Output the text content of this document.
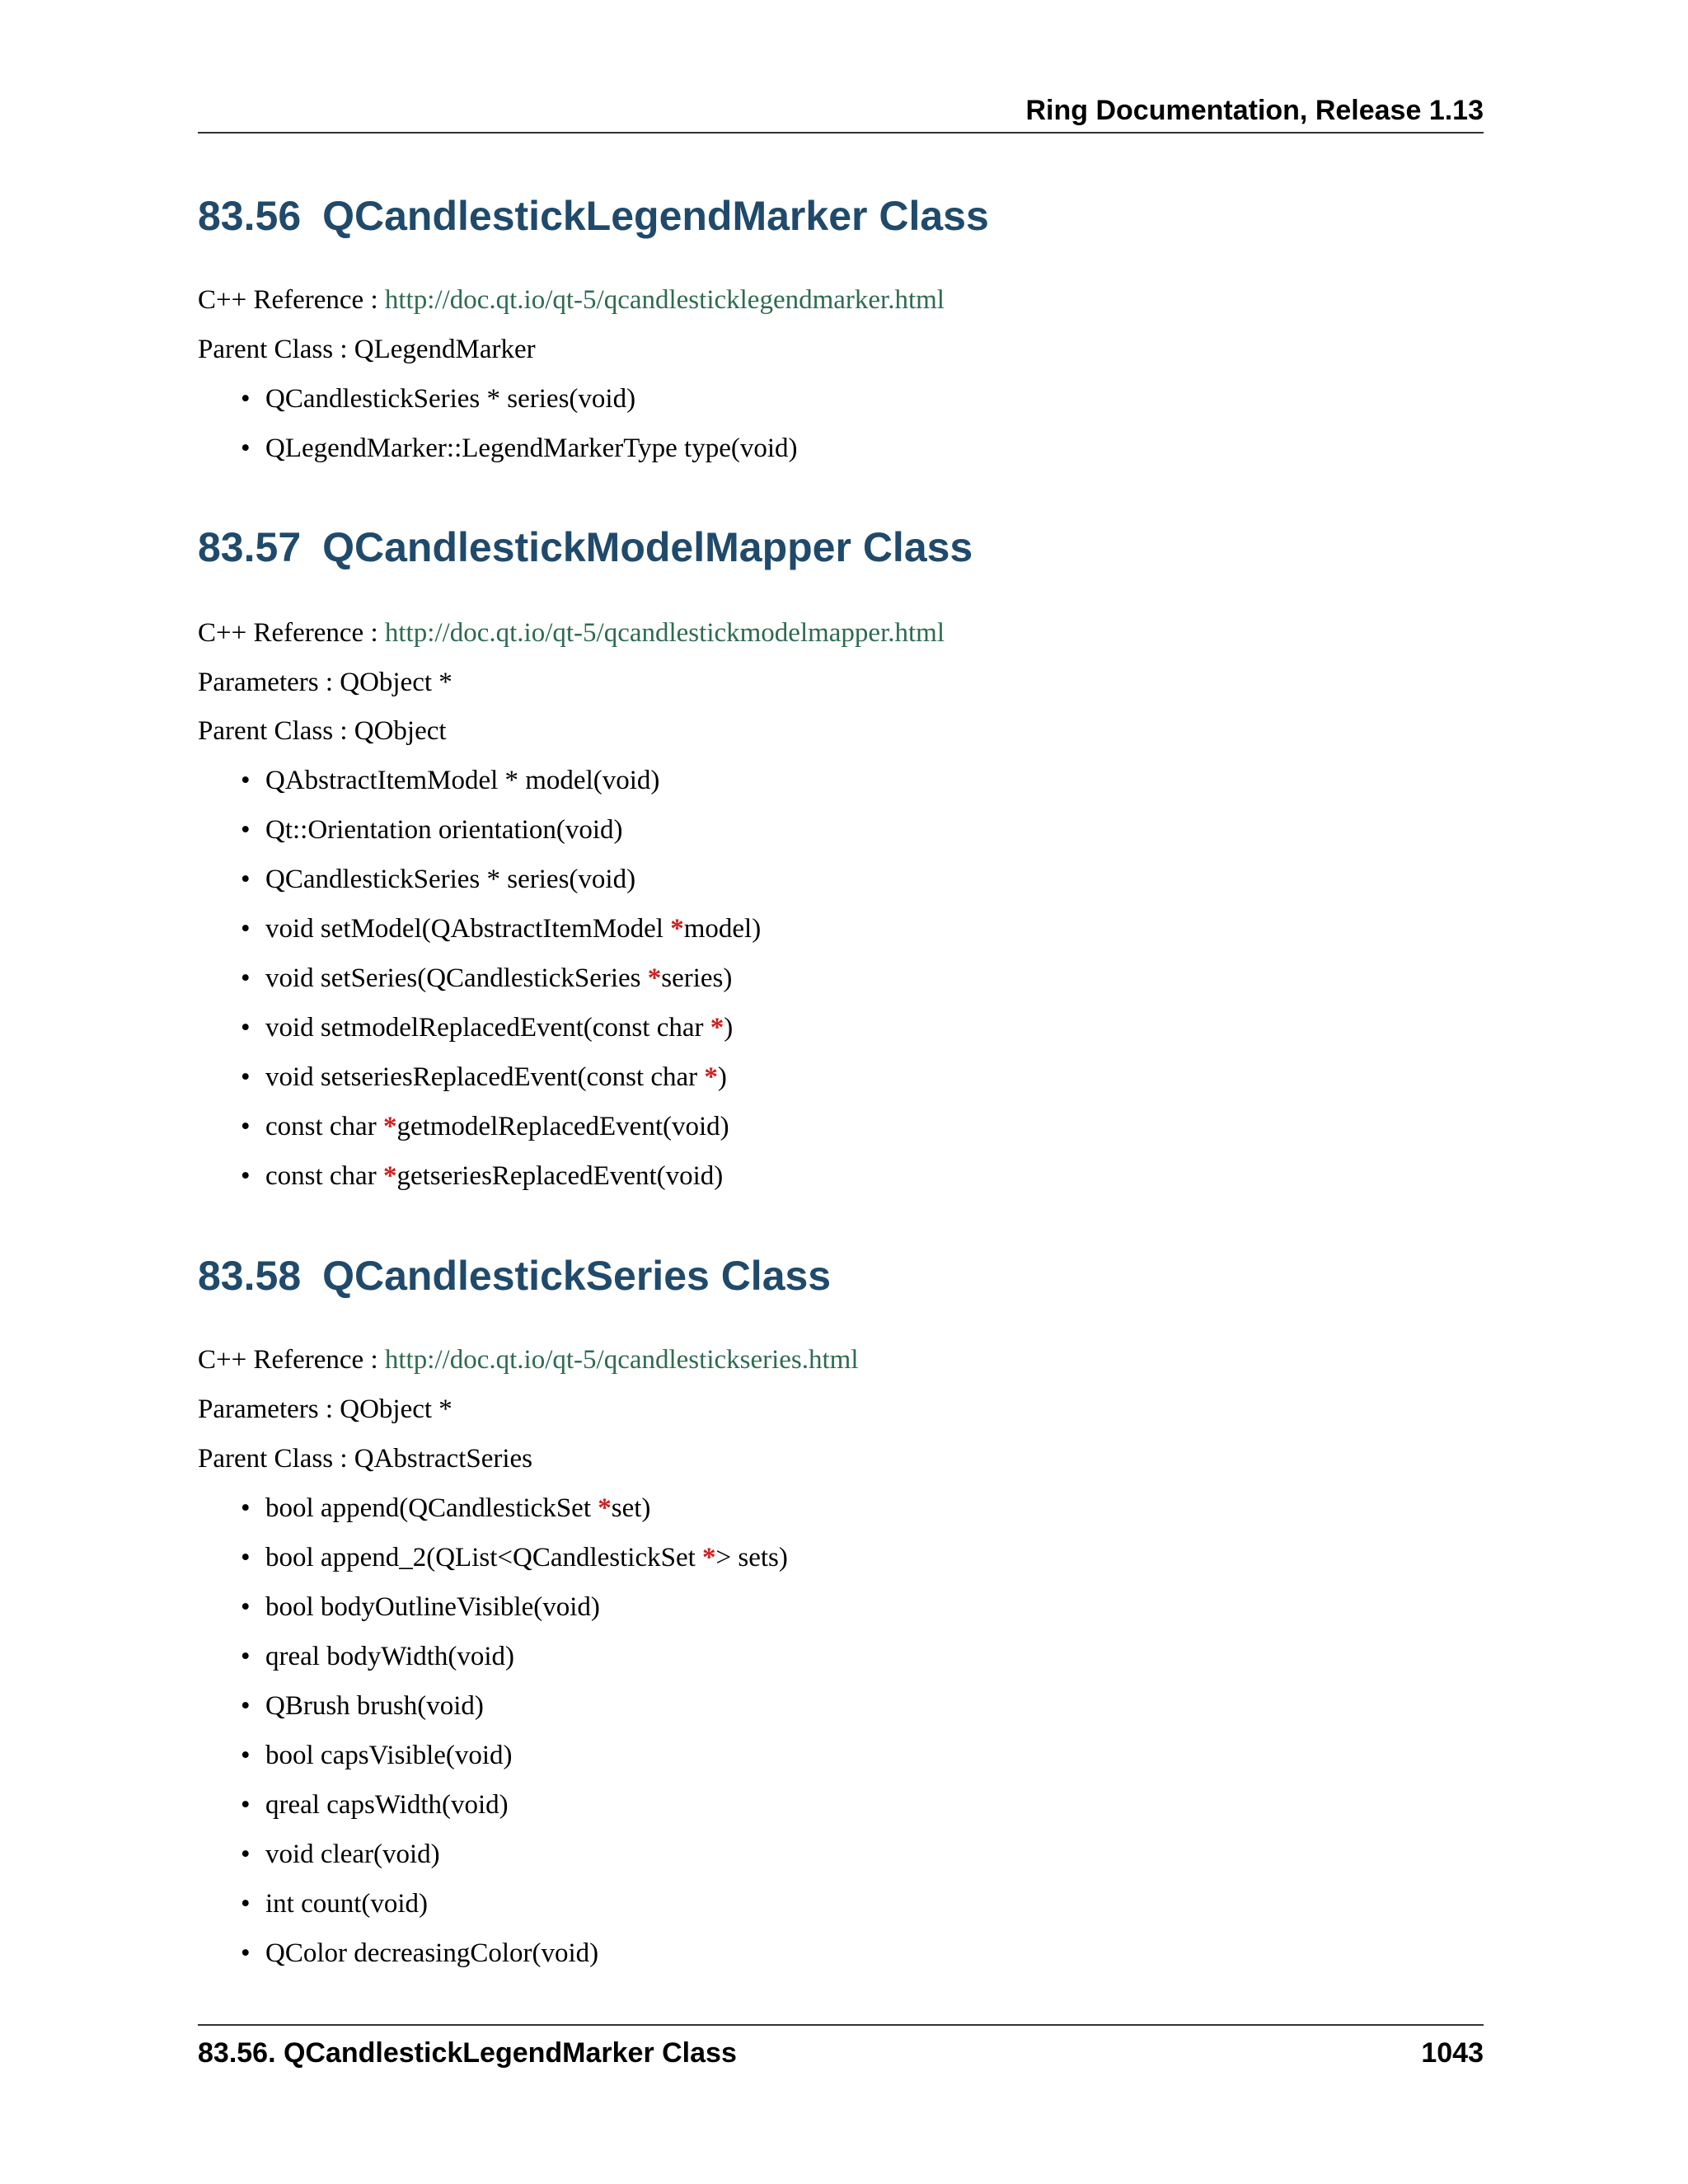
Ring Documentation, Release 1.13
83.56 QCandlestickLegendMarker Class
C++ Reference : http://doc.qt.io/qt-5/qcandlesticklegendmarker.html
Parent Class : QLegendMarker
• QCandlestickSeries * series(void)
• QLegendMarker::LegendMarkerType type(void)
83.57 QCandlestickModelMapper Class
C++ Reference : http://doc.qt.io/qt-5/qcandlestickmodelmapper.html
Parameters : QObject *
Parent Class : QObject
• QAbstractItemModel * model(void)
• Qt::Orientation orientation(void)
• QCandlestickSeries * series(void)
• void setModel(QAbstractItemModel *model)
• void setSeries(QCandlestickSeries *series)
• void setmodelReplacedEvent(const char *)
• void setseriesReplacedEvent(const char *)
• const char *getmodelReplacedEvent(void)
• const char *getseriesReplacedEvent(void)
83.58 QCandlestickSeries Class
C++ Reference : http://doc.qt.io/qt-5/qcandlestickseries.html
Parameters : QObject *
Parent Class : QAbstractSeries
• bool append(QCandlestickSet *set)
• bool append_2(QList<QCandlestickSet *> sets)
• bool bodyOutlineVisible(void)
• qreal bodyWidth(void)
• QBrush brush(void)
• bool capsVisible(void)
• qreal capsWidth(void)
• void clear(void)
• int count(void)
• QColor decreasingColor(void)
83.56. QCandlestickLegendMarker Class	1043
